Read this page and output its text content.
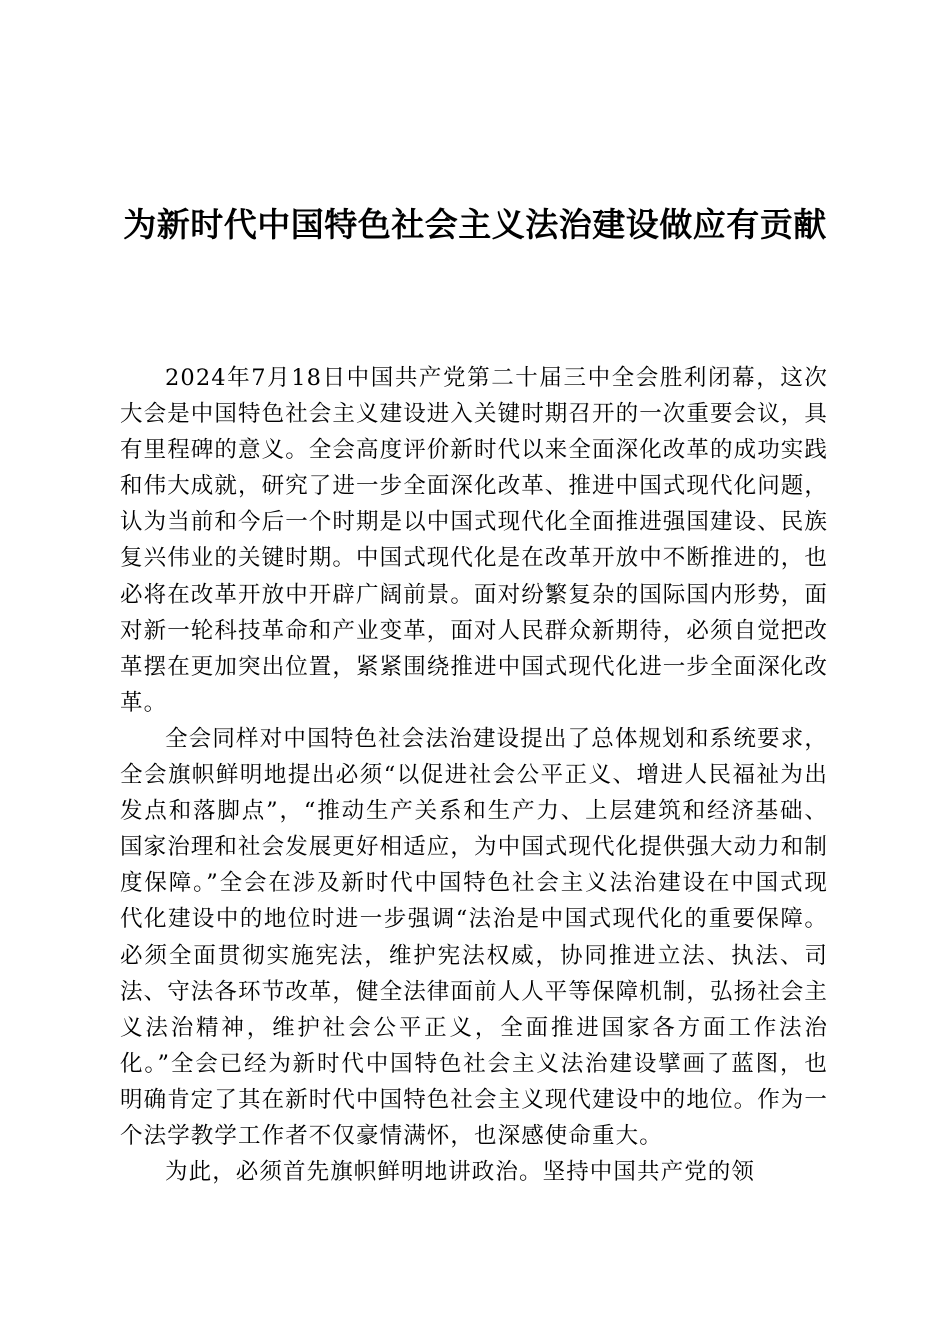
为新时代中国特色社会主义法治建设做应有贡献

2024年7月18日中国共产党第二十届三中全会胜利闭幕，这次大会是中国特色社会主义建设进入关键时期召开的一次重要会议，具有里程碑的意义。全会高度评价新时代以来全面深化改革的成功实践和伟大成就，研究了进一步全面深化改革、推进中国式现代化问题，认为当前和今后一个时期是以中国式现代化全面推进强国建设、民族复兴伟业的关键时期。中国式现代化是在改革开放中不断推进的，也必将在改革开放中开辟广阔前景。面对纷繁复杂的国际国内形势，面对新一轮科技革命和产业变革，面对人民群众新期待，必须自觉把改革摆在更加突出位置，紧紧围绕推进中国式现代化进一步全面深化改革。

全会同样对中国特色社会法治建设提出了总体规划和系统要求，全会旗帜鲜明地提出必须“以促进社会公平正义、增进人民福祉为出发点和落脚点”，“推动生产关系和生产力、上层建筑和经济基础、国家治理和社会发展更好相适应，为中国式现代化提供强大动力和制度保障。”全会在涉及新时代中国特色社会主义法治建设在中国式现代化建设中的地位时进一步强调“法治是中国式现代化的重要保障。必须全面贯彻实施宪法，维护宪法权威，协同推进立法、执法、司法、守法各环节改革，健全法律面前人人平等保障机制，弘扬社会主义法治精神，维护社会公平正义，全面推进国家各方面工作法治化。”全会已经为新时代中国特色社会主义法治建设擘画了蓝图，也明确肯定了其在新时代中国特色社会主义现代建设中的地位。作为一个法学教学工作者不仅豪情满怀，也深感使命重大。

为此，必须首先旗帜鲜明地讲政治。坚持中国共产党的领
